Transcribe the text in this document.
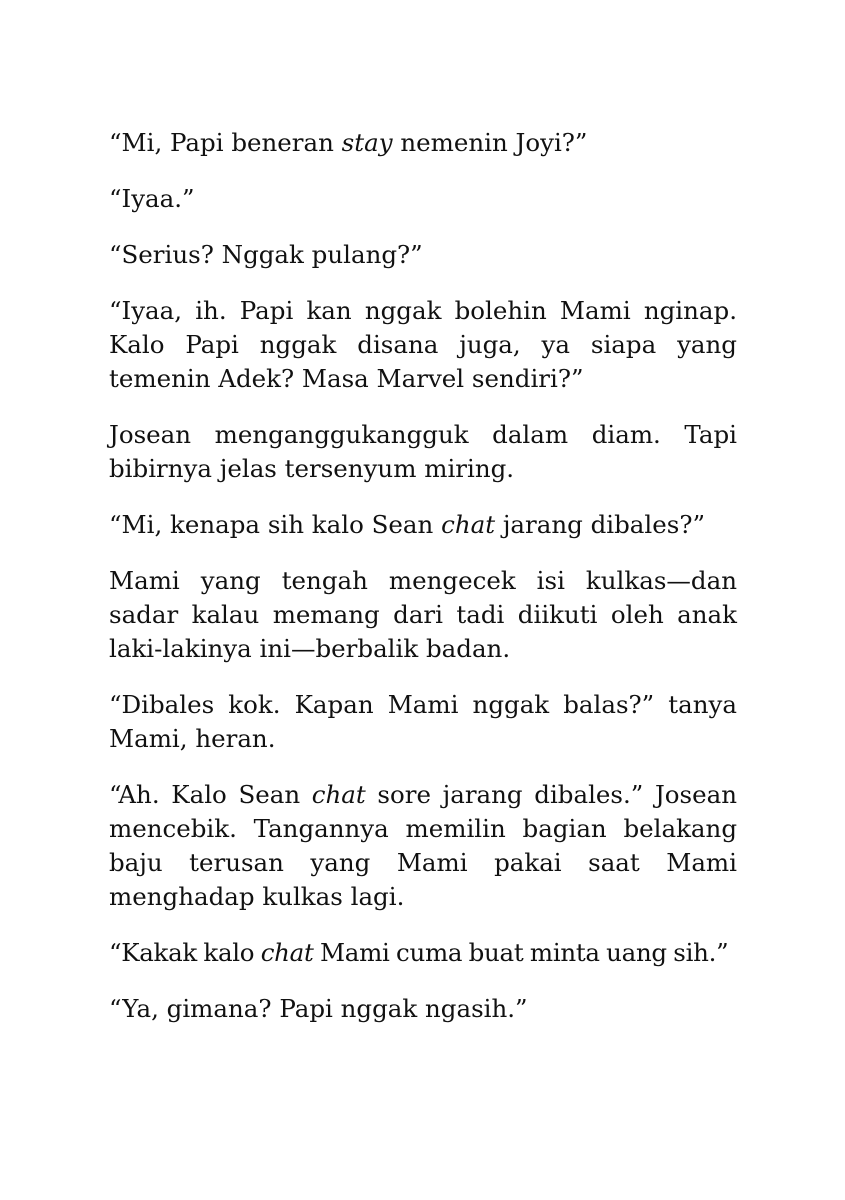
“Mi, Papi beneran stay nemenin Joyi?”

“Iyaa.”

“Serius? Nggak pulang?”

“Iyaa, ih. Papi kan nggak bolehin Mami nginap. Kalo Papi nggak disana juga, ya siapa yang temenin Adek? Masa Marvel sendiri?”

Josean menganggukangguk dalam diam. Tapi bibirnya jelas tersenyum miring.

“Mi, kenapa sih kalo Sean chat jarang dibales?”

Mami yang tengah mengecek isi kulkas—dan sadar kalau memang dari tadi diikuti oleh anak laki-lakinya ini—berbalik badan.

“Dibales kok. Kapan Mami nggak balas?” tanya Mami, heran.

“Ah. Kalo Sean chat sore jarang dibales.” Josean mencebik. Tangannya memilin bagian belakang baju terusan yang Mami pakai saat Mami menghadap kulkas lagi.

“Kakak kalo chat Mami cuma buat minta uang sih.”

“Ya, gimana? Papi nggak ngasih.”
